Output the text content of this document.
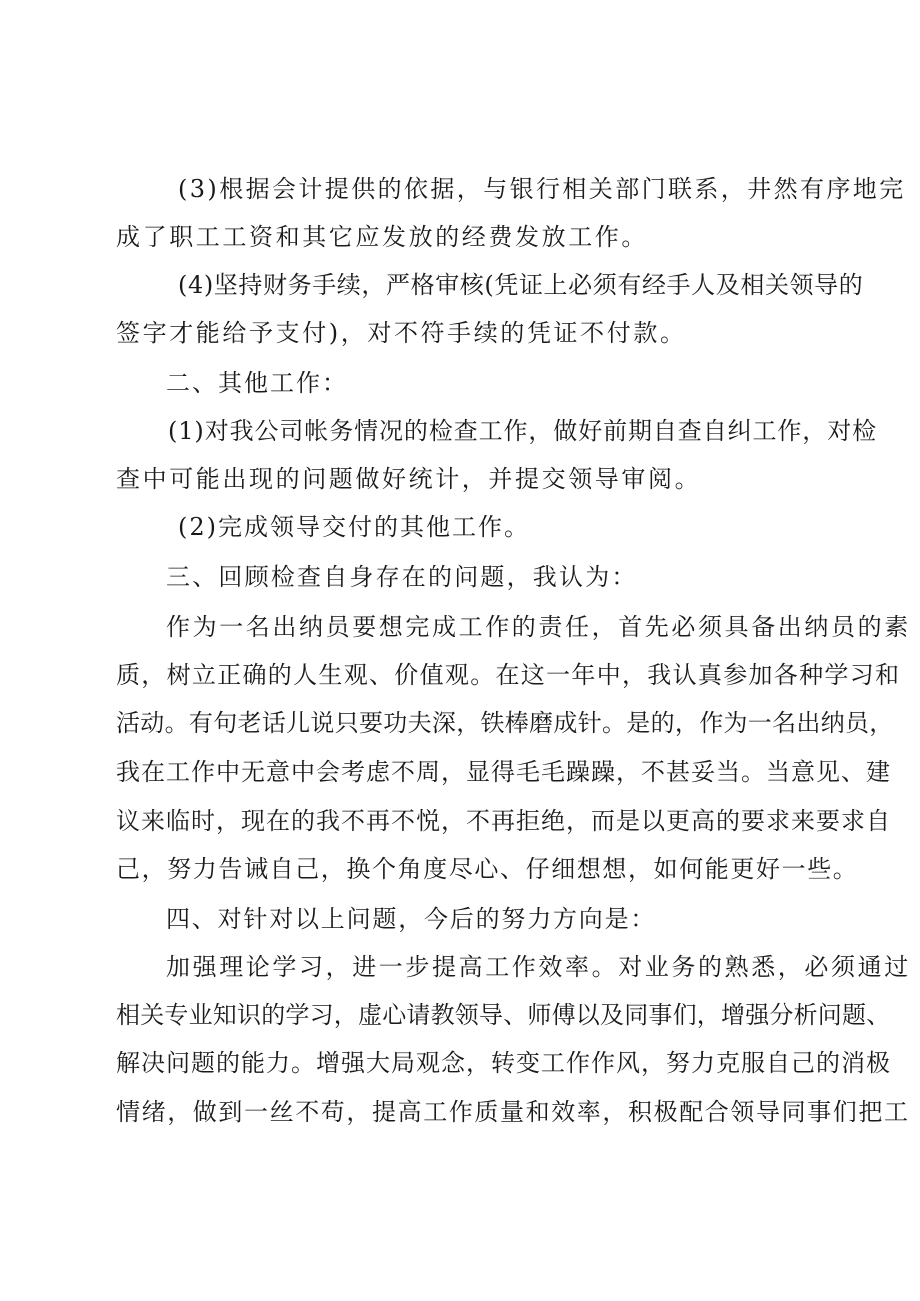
(3)根据会计提供的依据，与银行相关部门联系，井然有序地完
成了职工工资和其它应发放的经费发放工作。
(4)坚持财务手续，严格审核(凭证上必须有经手人及相关领导的
签字才能给予支付)，对不符手续的凭证不付款。
二、其他工作：
(1)对我公司帐务情况的检查工作，做好前期自查自纠工作，对检
查中可能出现的问题做好统计，并提交领导审阅。
(2)完成领导交付的其他工作。
三、回顾检查自身存在的问题，我认为：
作为一名出纳员要想完成工作的责任，首先必须具备出纳员的素
质，树立正确的人生观、价值观。在这一年中，我认真参加各种学习和
活动。有句老话儿说只要功夫深，铁棒磨成针。是的，作为一名出纳员，
我在工作中无意中会考虑不周，显得毛毛躁躁，不甚妥当。当意见、建
议来临时，现在的我不再不悦，不再拒绝，而是以更高的要求来要求自
己，努力告诫自己，换个角度尽心、仔细想想，如何能更好一些。
四、对针对以上问题，今后的努力方向是：
加强理论学习，进一步提高工作效率。对业务的熟悉，必须通过
相关专业知识的学习，虚心请教领导、师傅以及同事们，增强分析问题、
解决问题的能力。增强大局观念，转变工作作风，努力克服自己的消极
情绪，做到一丝不苟，提高工作质量和效率，积极配合领导同事们把工
